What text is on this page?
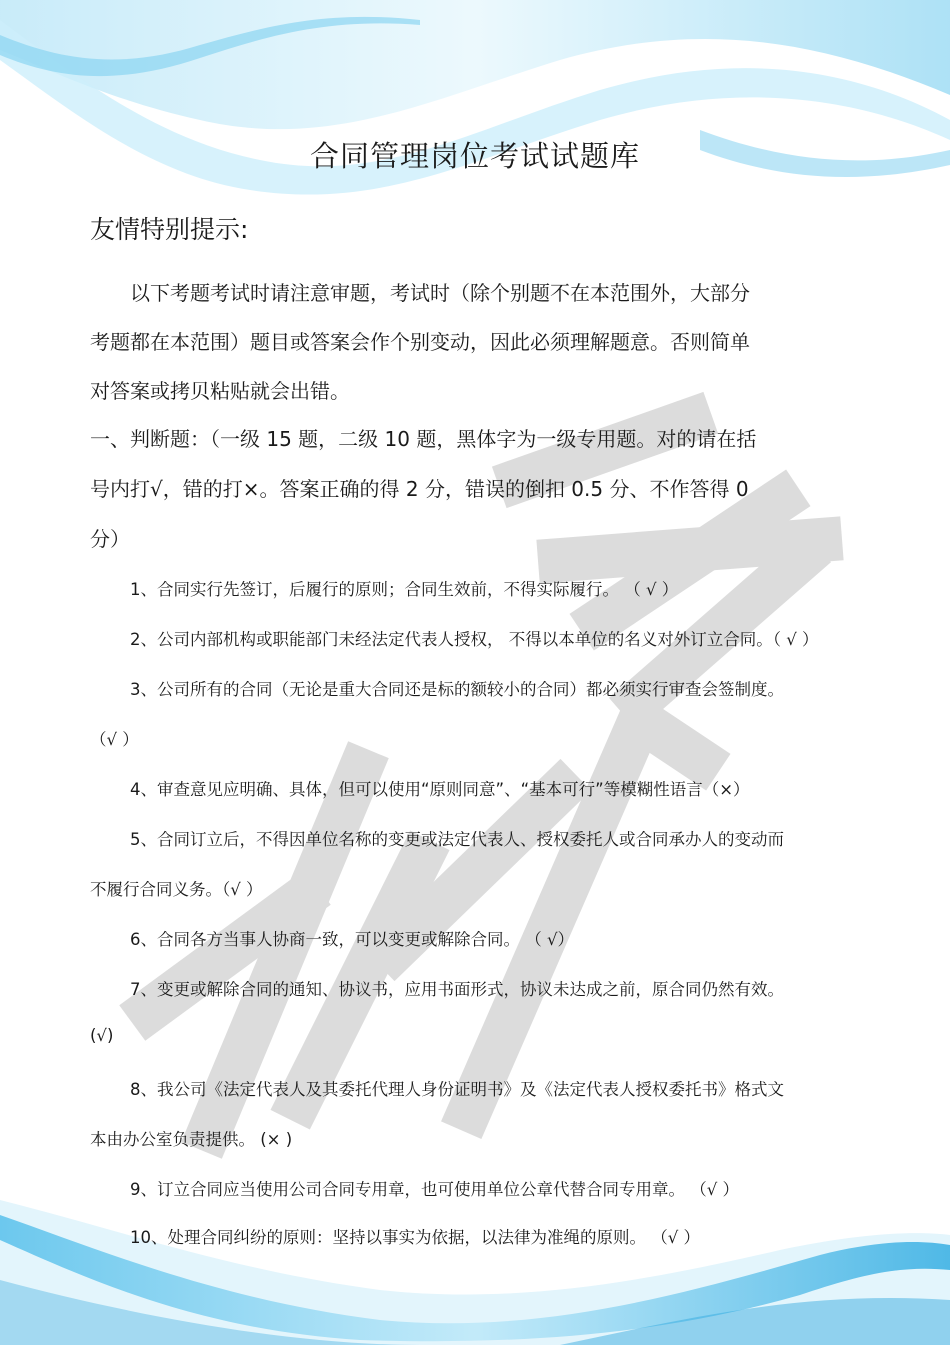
合同管理岗位考试试题库
友情特别提示:
以下考题考试时请注意审题，考试时（除个别题不在本范围外，大部分
考题都在本范围）题目或答案会作个别变动，因此必须理解题意。否则简单
对答案或拷贝粘贴就会出错。
一、判断题：（一级 15 题，二级 10 题，黑体字为一级专用题。对的请在括
号内打√，错的打×。答案正确的得 2 分，错误的倒扣 0.5 分、不作答得 0
分）
1、合同实行先签订，后履行的原则；合同生效前，不得实际履行。 （ √ ）
2、公司内部机构或职能部门未经法定代表人授权， 不得以本单位的名义对外订立合同。（ √ ）
3、公司所有的合同（无论是重大合同还是标的额较小的合同）都必须实行审查会签制度。
（√ ）
4、审查意见应明确、具体，但可以使用“原则同意”、“基本可行”等模糊性语言（×）
5、合同订立后，不得因单位名称的变更或法定代表人、授权委托人或合同承办人的变动而
不履行合同义务。（√ ）
6、合同各方当事人协商一致，可以变更或解除合同。 （ √）
7、变更或解除合同的通知、协议书，应用书面形式，协议未达成之前，原合同仍然有效。
(√)
8、我公司《法定代表人及其委托代理人身份证明书》及《法定代表人授权委托书》格式文
本由办公室负责提供。 (× )
9、订立合同应当使用公司合同专用章，也可使用单位公章代替合同专用章。 （√ ）
10、处理合同纠纷的原则：坚持以事实为依据，以法律为准绳的原则。 （√ ）
